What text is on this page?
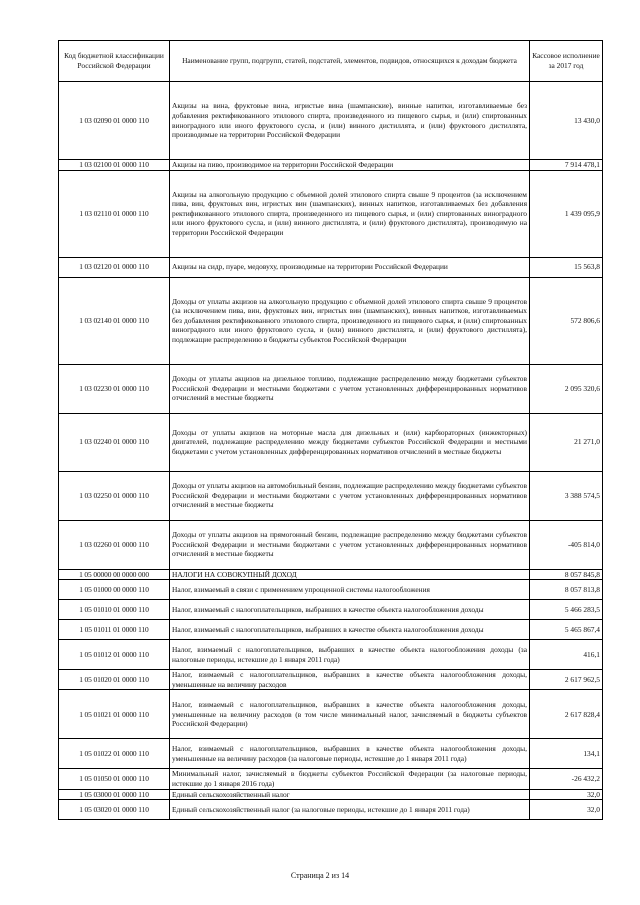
Код бюджетной классификации Российской Федерации	Наименование групп, подгрупп, статей, подстатей, элементов, подвидов, относящихся к доходам бюджета	Кассовое исполнение за 2017 год
1 03 02090 01 0000 110	Акцизы на вина, фруктовые вина, игристые вина (шампанские), винные напитки, изготавливаемые без добавления ректификованного этилового спирта, произведенного из пищевого сырья, и (или) спиртованных виноградного или иного фруктового сусла, и (или) винного дистиллята, и (или) фруктового дистиллята, производимые на территории Российской Федерации	13 430,0
1 03 02100 01 0000 110	Акцизы на пиво, производимое на территории Российской Федерации	7 914 478,1
1 03 02110 01 0000 110	Акцизы на алкогольную продукцию с объемной долей этилового спирта свыше 9 процентов (за исключением пива, вин, фруктовых вин, игристых вин (шампанских), винных напитков, изготавливаемых без добавления ректификованного этилового спирта, произведенного из пищевого сырья, и (или) спиртованных виноградного или иного фруктового сусла, и (или) винного дистиллята, и (или) фруктового дистиллята), производимую на территории Российской Федерации	1 439 095,9
1 03 02120 01 0000 110	Акцизы на сидр, пуаре, медовуху, производимые на территории Российской Федерации	15 563,8
1 03 02140 01 0000 110	Доходы от уплаты акцизов на алкогольную продукцию с объемной долей этилового спирта свыше 9 процентов (за исключением пива, вин, фруктовых вин, игристых вин (шампанских), винных напитков, изготавливаемых без добавления ректификованного этилового спирта, произведенного из пищевого сырья, и (или) спиртованных виноградного или иного фруктового сусла, и (или) винного дистиллята, и (или) фруктового дистиллята), подлежащие распределению в бюджеты субъектов Российской Федерации	572 806,6
1 03 02230 01 0000 110	Доходы от уплаты акцизов на дизельное топливо, подлежащие распределению между бюджетами субъектов Российской Федерации и местными бюджетами с учетом установленных дифференцированных нормативов отчислений в местные бюджеты	2 095 320,6
1 03 02240 01 0000 110	Доходы от уплаты акцизов на моторные масла для дизельных и (или) карбюраторных (инжекторных) двигателей, подлежащие распределению между бюджетами субъектов Российской Федерации и местными бюджетами с учетом установленных дифференцированных нормативов отчислений в местные бюджеты	21 271,0
1 03 02250 01 0000 110	Доходы от уплаты акцизов на автомобильный бензин, подлежащие распределению между бюджетами субъектов Российской Федерации и местными бюджетами с учетом установленных дифференцированных нормативов отчислений в местные бюджеты	3 388 574,5
1 03 02260 01 0000 110	Доходы от уплаты акцизов на прямогонный бензин, подлежащие распределению между бюджетами субъектов Российской Федерации и местными бюджетами с учетом установленных дифференцированных нормативов отчислений в местные бюджеты	-405 814,0
1 05 00000 00 0000 000	НАЛОГИ НА СОВОКУПНЫЙ ДОХОД	8 057 845,8
1 05 01000 00 0000 110	Налог, взимаемый в связи с применением упрощенной системы налогообложения	8 057 813,8
1 05 01010 01 0000 110	Налог, взимаемый с налогоплательщиков, выбравших в качестве объекта налогообложения доходы	5 466 283,5
1 05 01011 01 0000 110	Налог, взимаемый с налогоплательщиков, выбравших в качестве объекта налогообложения доходы	5 465 867,4
1 05 01012 01 0000 110	Налог, взимаемый с налогоплательщиков, выбравших в качестве объекта налогообложения доходы (за налоговые периоды, истекшие до 1 января 2011 года)	416,1
1 05 01020 01 0000 110	Налог, взимаемый с налогоплательщиков, выбравших в качестве объекта налогообложения доходы, уменьшенные на величину расходов	2 617 962,5
1 05 01021 01 0000 110	Налог, взимаемый с налогоплательщиков, выбравших в качестве объекта налогообложения доходы, уменьшенные на величину расходов (в том числе минимальный налог, зачисляемый в бюджеты субъектов Российской Федерации)	2 617 828,4
1 05 01022 01 0000 110	Налог, взимаемый с налогоплательщиков, выбравших в качестве объекта налогообложения доходы, уменьшенные на величину расходов (за налоговые периоды, истекшие до 1 января 2011 года)	134,1
1 05 01050 01 0000 110	Минимальный налог, зачисляемый в бюджеты субъектов Российской Федерации (за налоговые периоды, истекшие до 1 января 2016 года)	-26 432,2
1 05 03000 01 0000 110	Единый сельскохозяйственный налог	32,0
1 05 03020 01 0000 110	Единый сельскохозяйственный налог (за налоговые периоды, истекшие до 1 января 2011 года)	32,0
Страница 2 из 14
